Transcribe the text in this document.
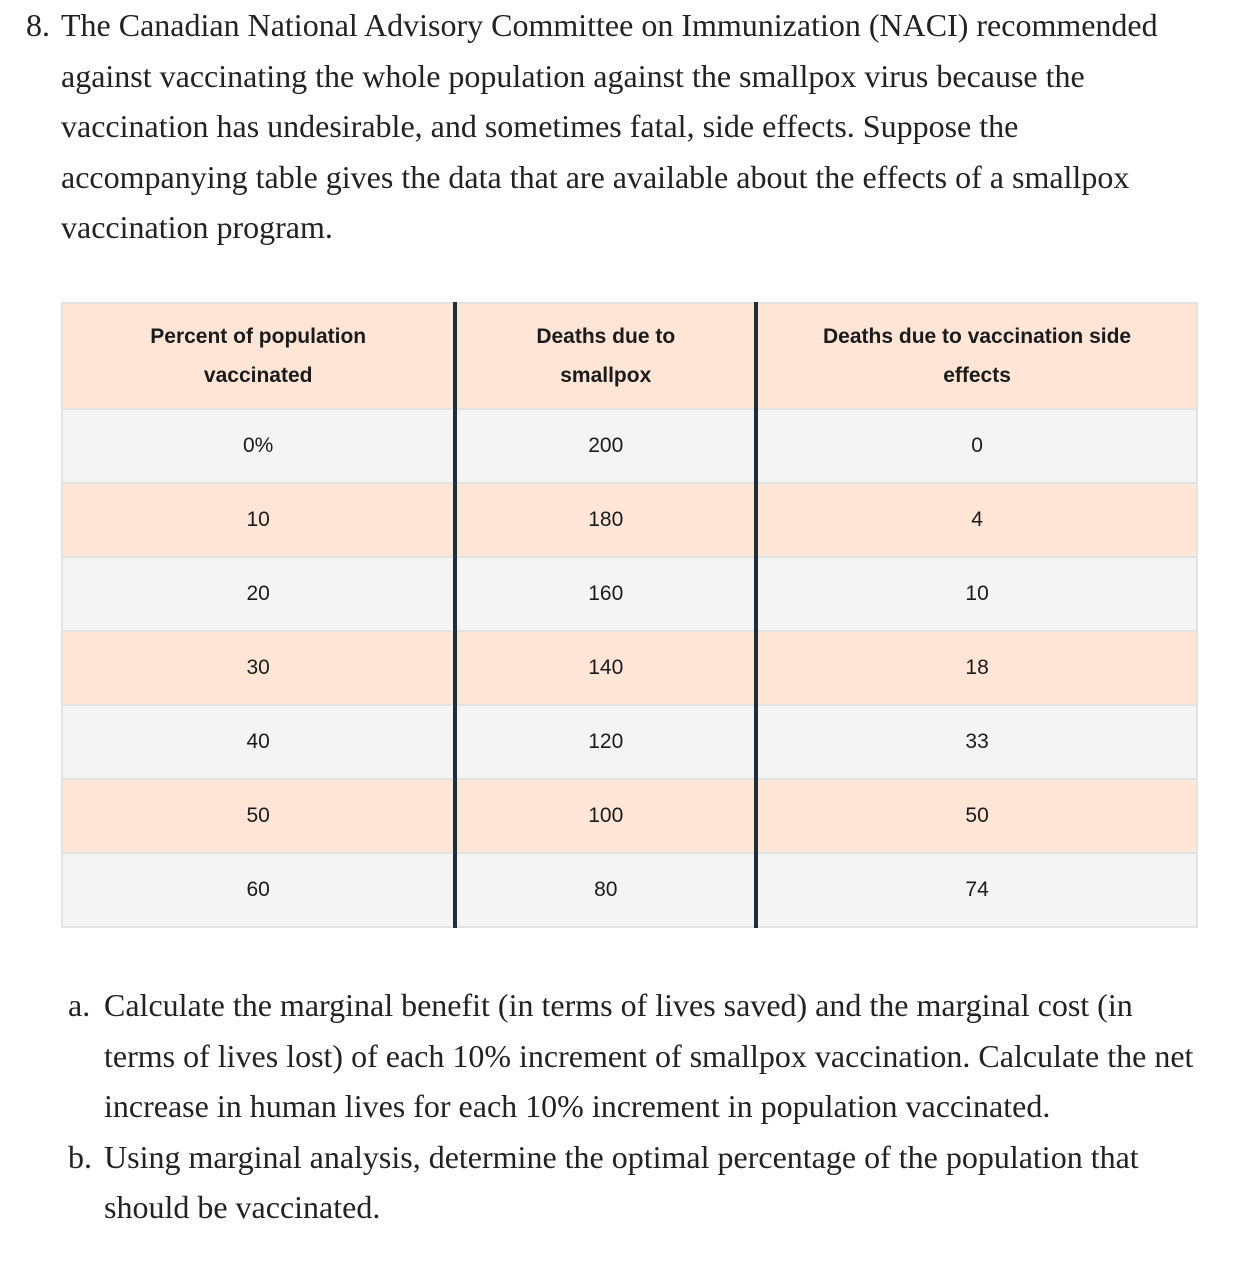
8. The Canadian National Advisory Committee on Immunization (NACI) recommended against vaccinating the whole population against the smallpox virus because the vaccination has undesirable, and sometimes fatal, side effects. Suppose the accompanying table gives the data that are available about the effects of a smallpox vaccination program.
Percent of population vaccinated	Deaths due to smallpox	Deaths due to vaccination side effects
0%	200	0
10	180	4
20	160	10
30	140	18
40	120	33
50	100	50
60	80	74
a. Calculate the marginal benefit (in terms of lives saved) and the marginal cost (in terms of lives lost) of each 10% increment of smallpox vaccination. Calculate the net increase in human lives for each 10% increment in population vaccinated.
b. Using marginal analysis, determine the optimal percentage of the population that should be vaccinated.
